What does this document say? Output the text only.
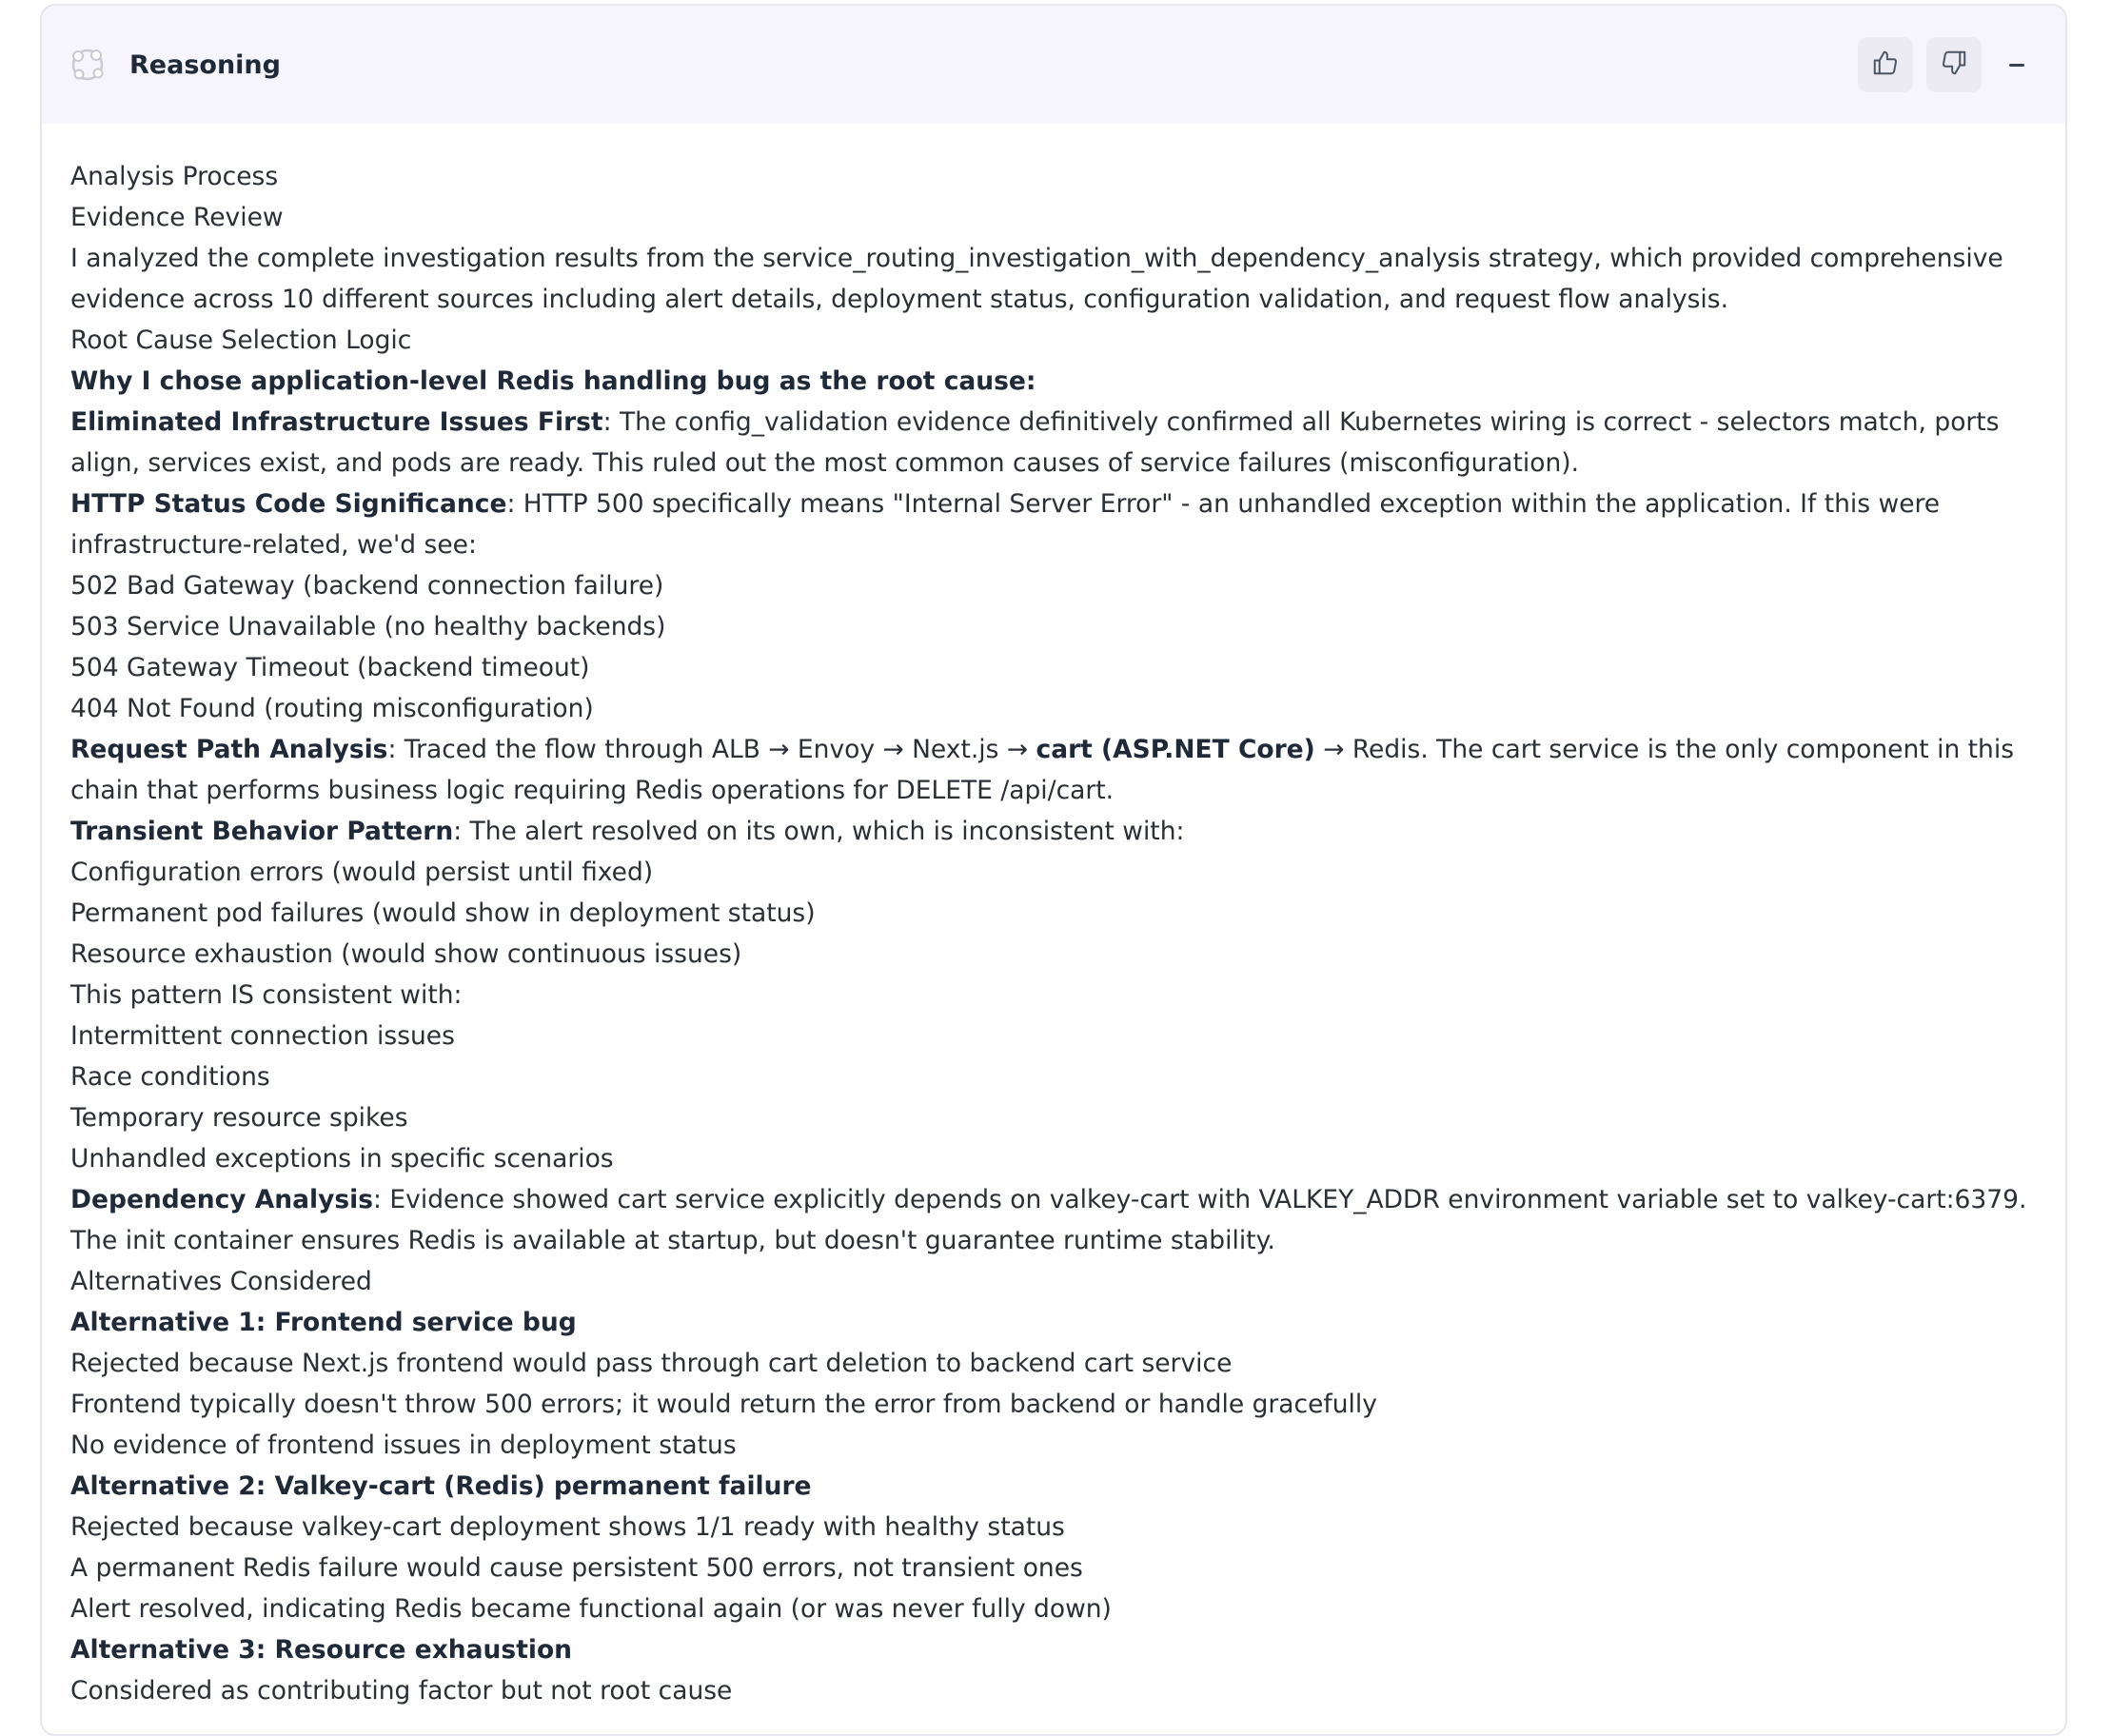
Reasoning
Analysis Process
Evidence Review
I analyzed the complete investigation results from the service_routing_investigation_with_dependency_analysis strategy, which provided comprehensive evidence across 10 different sources including alert details, deployment status, configuration validation, and request flow analysis.
Root Cause Selection Logic
Why I chose application-level Redis handling bug as the root cause:
Eliminated Infrastructure Issues First: The config_validation evidence definitively confirmed all Kubernetes wiring is correct - selectors match, ports align, services exist, and pods are ready. This ruled out the most common causes of service failures (misconfiguration).
HTTP Status Code Significance: HTTP 500 specifically means "Internal Server Error" - an unhandled exception within the application. If this were infrastructure-related, we'd see:
502 Bad Gateway (backend connection failure)
503 Service Unavailable (no healthy backends)
504 Gateway Timeout (backend timeout)
404 Not Found (routing misconfiguration)
Request Path Analysis: Traced the flow through ALB → Envoy → Next.js → cart (ASP.NET Core) → Redis. The cart service is the only component in this chain that performs business logic requiring Redis operations for DELETE /api/cart.
Transient Behavior Pattern: The alert resolved on its own, which is inconsistent with:
Configuration errors (would persist until fixed)
Permanent pod failures (would show in deployment status)
Resource exhaustion (would show continuous issues)
This pattern IS consistent with:
Intermittent connection issues
Race conditions
Temporary resource spikes
Unhandled exceptions in specific scenarios
Dependency Analysis: Evidence showed cart service explicitly depends on valkey-cart with VALKEY_ADDR environment variable set to valkey-cart:6379. The init container ensures Redis is available at startup, but doesn't guarantee runtime stability.
Alternatives Considered
Alternative 1: Frontend service bug
Rejected because Next.js frontend would pass through cart deletion to backend cart service
Frontend typically doesn't throw 500 errors; it would return the error from backend or handle gracefully
No evidence of frontend issues in deployment status
Alternative 2: Valkey-cart (Redis) permanent failure
Rejected because valkey-cart deployment shows 1/1 ready with healthy status
A permanent Redis failure would cause persistent 500 errors, not transient ones
Alert resolved, indicating Redis became functional again (or was never fully down)
Alternative 3: Resource exhaustion
Considered as contributing factor but not root cause
